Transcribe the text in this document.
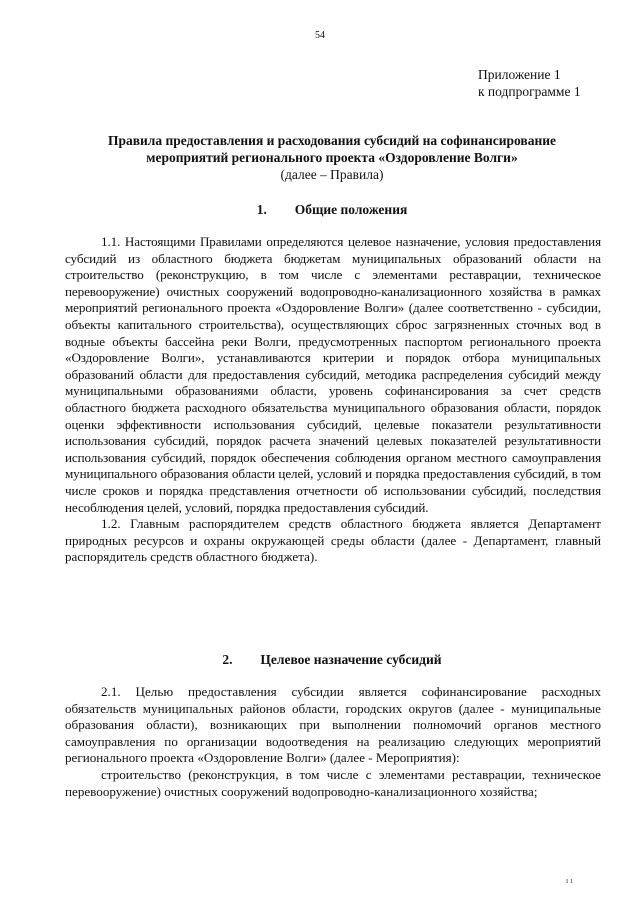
54
Приложение 1
к подпрограмме 1
Правила предоставления и расходования субсидий на софинансирование
мероприятий регионального проекта «Оздоровление Волги»
(далее – Правила)
1. Общие положения

1.1. Настоящими Правилами определяются целевое назначение, условия предоставления субсидий из областного бюджета бюджетам муниципальных образований области на строительство (реконструкцию, в том числе с элементами реставрации, техническое перевооружение) очистных сооружений водопроводно-канализационного хозяйства в рамках мероприятий регионального проекта «Оздоровление Волги» (далее соответственно - субсидии, объекты капитального строительства), осуществляющих сброс загрязненных сточных вод в водные объекты бассейна реки Волги, предусмотренных паспортом регионального проекта «Оздоровление Волги», устанавливаются критерии и порядок отбора муниципальных образований области для предоставления субсидий, методика распределения субсидий между муниципальными образованиями области, уровень софинансирования за счет средств областного бюджета расходного обязательства муниципального образования области, порядок оценки эффективности использования субсидий, целевые показатели результативности использования субсидий, порядок расчета значений целевых показателей результативности использования субсидий, порядок обеспечения соблюдения органом местного самоуправления муниципального образования области целей, условий и порядка предоставления субсидий, в том числе сроков и порядка представления отчетности об использовании субсидий, последствия несоблюдения целей, условий, порядка предоставления субсидий.

1.2. Главным распорядителем средств областного бюджета является Департамент природных ресурсов и охраны окружающей среды области (далее - Департамент, главный распорядитель средств областного бюджета).

2. Целевое назначение субсидий

2.1. Целью предоставления субсидии является софинансирование расходных обязательств муниципальных районов области, городских округов (далее - муниципальные образования области), возникающих при выполнении полномочий органов местного самоуправления по организации водоотведения на реализацию следующих мероприятий регионального проекта «Оздоровление Волги» (далее - Мероприятия):

строительство (реконструкция, в том числе с элементами реставрации, техническое перевооружение) очистных сооружений водопроводно-канализационного хозяйства;

ı ı
